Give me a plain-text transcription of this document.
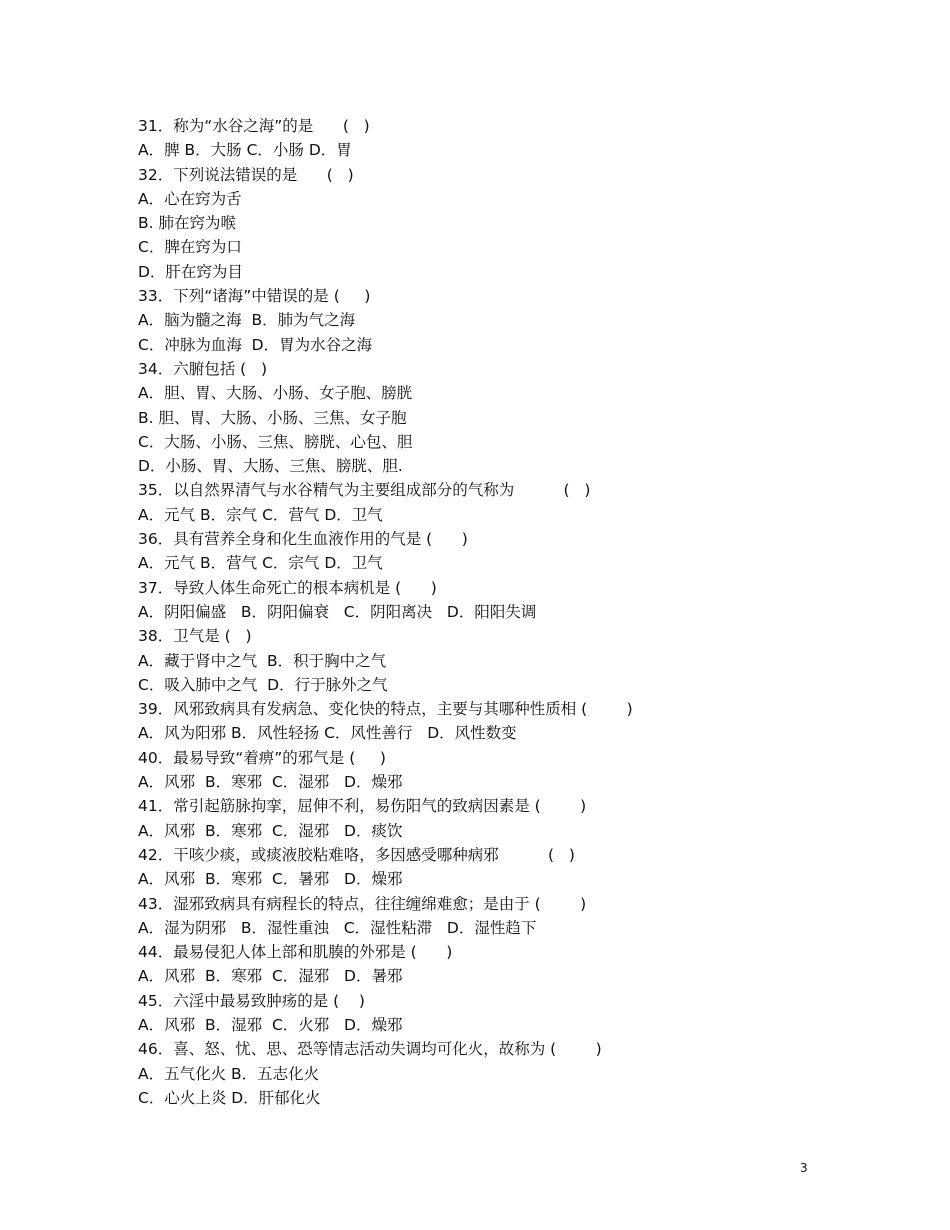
31．称为“水谷之海”的是      (   )
A．脾 B．大肠 C．小肠 D．胃
32．下列说法错误的是      (   )
A．心在窍为舌
B. 肺在窍为喉
C．脾在窍为口
D．肝在窍为目
33．下列“诸海”中错误的是 (     )
A．脑为髓之海  B．肺为气之海
C．冲脉为血海  D．胃为水谷之海
34．六腑包括 (   )
A．胆、胃、大肠、小肠、女子胞、膀胱
B. 胆、胃、大肠、小肠、三焦、女子胞
C．大肠、小肠、三焦、膀胱、心包、胆
D．小肠、胃、大肠、三焦、膀胱、胆.
35．以自然界清气与水谷精气为主要组成部分的气称为          (   )
A．元气 B．宗气 C．营气 D．卫气
36．具有营养全身和化生血液作用的气是 (      )
A．元气 B．营气 C．宗气 D．卫气
37．导致人体生命死亡的根本病机是 (      )
A．阴阳偏盛   B．阴阳偏衰   C．阴阳离决   D．阳阳失调
38．卫气是 (   )
A．藏于肾中之气  B．积于胸中之气
C．吸入肺中之气  D．行于脉外之气
39．风邪致病具有发病急、变化快的特点，主要与其哪种性质相 (        )
A．风为阳邪 B．风性轻扬 C．风性善行   D．风性数变
40．最易导致“着痹”的邪气是 (     )
A．风邪  B．寒邪  C．湿邪   D．燥邪
41．常引起筋脉拘挛，屈伸不利，易伤阳气的致病因素是 (        )
A．风邪  B．寒邪  C．湿邪   D．痰饮
42．干咳少痰，或痰液胶粘难咯，多因感受哪种病邪          (   )
A．风邪  B．寒邪  C．暑邪   D．燥邪
43．湿邪致病具有病程长的特点，往往缠绵难愈；是由于 (        )
A．湿为阴邪   B．湿性重浊   C．湿性粘滞   D．湿性趋下
44．最易侵犯人体上部和肌腠的外邪是 (      )
A．风邪  B．寒邪  C．湿邪   D．暑邪
45．六淫中最易致肿疡的是 (    )
A．风邪  B．湿邪  C．火邪   D．燥邪
46．喜、怒、忧、思、恐等情志活动失调均可化火，故称为 (        )
A．五气化火 B．五志化火
C．心火上炎 D．肝郁化火
3
